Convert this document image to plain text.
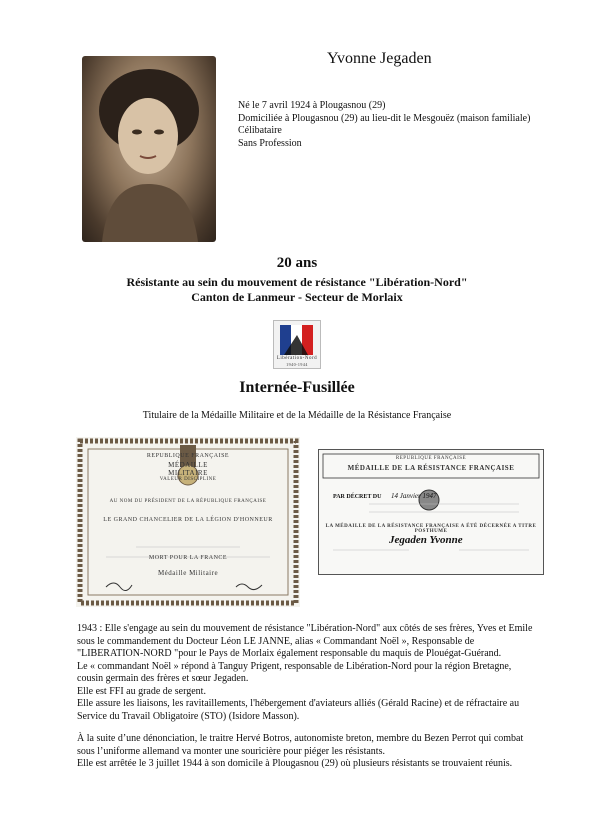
Yvonne Jegaden
Né le 7 avril 1924 à Plougasnou (29)
Domiciliée à Plougasnou (29) au lieu-dit le Mesgouëz (maison familiale)
Célibataire
Sans Profession
20 ans
Résistante au sein du mouvement de résistance "Libération-Nord"
Canton de Lanmeur - Secteur de Morlaix
Libération-Nord
1940-1944
Internée-Fusillée
Titulaire de la Médaille Militaire et de la Médaille de la Résistance Française
REPUBLIQUE FRANÇAISE
MÉDAILLE
MILITAIRE
VALEUR DISCIPLINE
AU NOM DU PRÉSIDENT DE LA RÉPUBLIQUE FRANÇAISE
LE GRAND CHANCELIER DE LA LÉGION D'HONNEUR
MORT POUR LA FRANCE
Médaille Militaire
REPUBLIQUE FRANÇAISE
MÉDAILLE DE LA RÉSISTANCE FRANÇAISE
PAR DÉCRET DU 14 Janvier 1947
LA MÉDAILLE DE LA RÉSISTANCE FRANÇAISE A ÉTÉ DÉCERNÉE A TITRE POSTHUME
Jegaden Yvonne

1943 : Elle s'engage au sein du mouvement de résistance "Libération-Nord" aux côtés de ses frères, Yves et Emile sous le commandement du Docteur Léon LE JANNE, alias « Commandant Noël », Responsable de "LIBERATION-NORD "pour le Pays de Morlaix également responsable du maquis de Plouégat-Guérand.

Le « commandant Noël » répond à Tanguy Prigent, responsable de Libération-Nord pour la région Bretagne, cousin germain des frères et sœur Jegaden.

Elle est FFI au grade de sergent.

Elle assure les liaisons, les ravitaillements, l'hébergement d'aviateurs alliés (Gérald Racine) et de réfractaire au Service du Travail Obligatoire (STO) (Isidore Masson).

À la suite d’une dénonciation, le traitre Hervé Botros, autonomiste breton, membre du Bezen Perrot qui combat sous l’uniforme allemand va monter une souricière pour piéger les résistants.

Elle est arrêtée le 3 juillet 1944 à son domicile à Plougasnou (29) où plusieurs résistants se trouvaient réunis.
